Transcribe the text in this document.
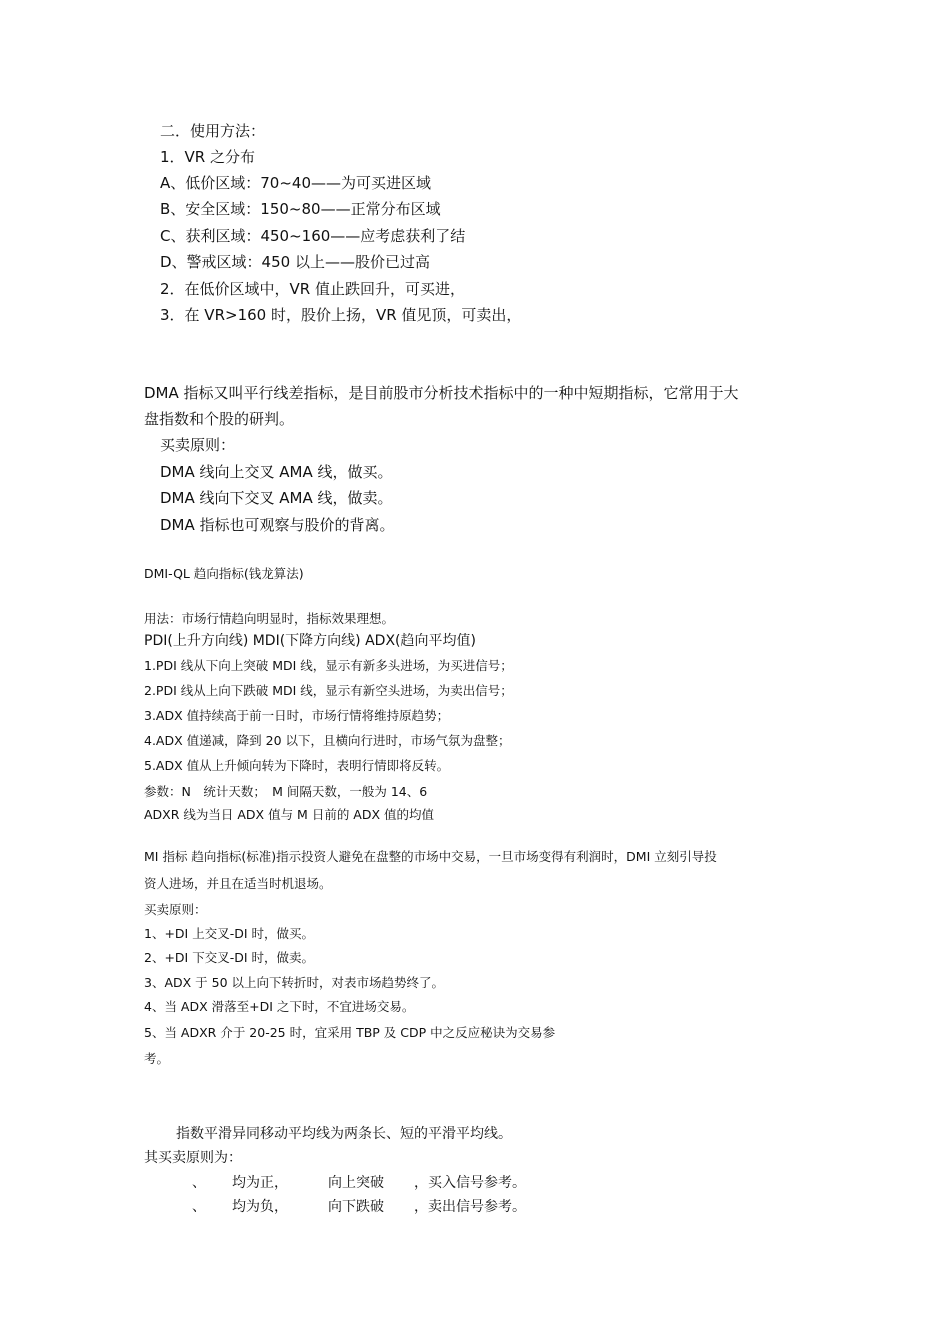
二．使用方法：
1．VR 之分布
A、低价区域：70~40——为可买进区域
B、安全区域：150~80——正常分布区域
C、获利区域：450~160——应考虑获利了结
D、警戒区域：450 以上——股价已过高
2．在低价区域中，VR 值止跌回升，可买进，
3．在 VR>160 时，股价上扬，VR 值见顶，可卖出，
DMA 指标又叫平行线差指标，是目前股市分析技术指标中的一种中短期指标，它常用于大
盘指数和个股的研判。
买卖原则：
DMA 线向上交叉 AMA 线，做买。
DMA 线向下交叉 AMA 线，做卖。
DMA 指标也可观察与股价的背离。
DMI-QL 趋向指标(钱龙算法)
用法：市场行情趋向明显时，指标效果理想。
PDI(上升方向线) MDI(下降方向线) ADX(趋向平均值)
1.PDI 线从下向上突破 MDI 线，显示有新多头进场，为买进信号；
2.PDI 线从上向下跌破 MDI 线，显示有新空头进场，为卖出信号；
3.ADX 值持续高于前一日时，市场行情将维持原趋势；
4.ADX 值递减，降到 20 以下，且横向行进时，市场气氛为盘整；
5.ADX 值从上升倾向转为下降时，表明行情即将反转。
参数：N　统计天数；　M 间隔天数，一般为 14、6
ADXR 线为当日 ADX 值与 M 日前的 ADX 值的均值
MI 指标 趋向指标(标准)指示投资人避免在盘整的市场中交易，一旦市场变得有利润时，DMI 立刻引导投
资人进场，并且在适当时机退场。
买卖原则：
1、+DI 上交叉-DI 时，做买。
2、+DI 下交叉-DI 时，做卖。
3、ADX 于 50 以上向下转折时，对表市场趋势终了。
4、当 ADX 滑落至+DI 之下时，不宜进场交易。
5、当 ADXR 介于 20-25 时，宜采用 TBP 及 CDP 中之反应秘诀为交易参
考。
指数平滑异同移动平均线为两条长、短的平滑平均线。
其买卖原则为：
、 均为正，	向上突破 ，买入信号参考。
、 均为负，	向下跌破 ，卖出信号参考。
